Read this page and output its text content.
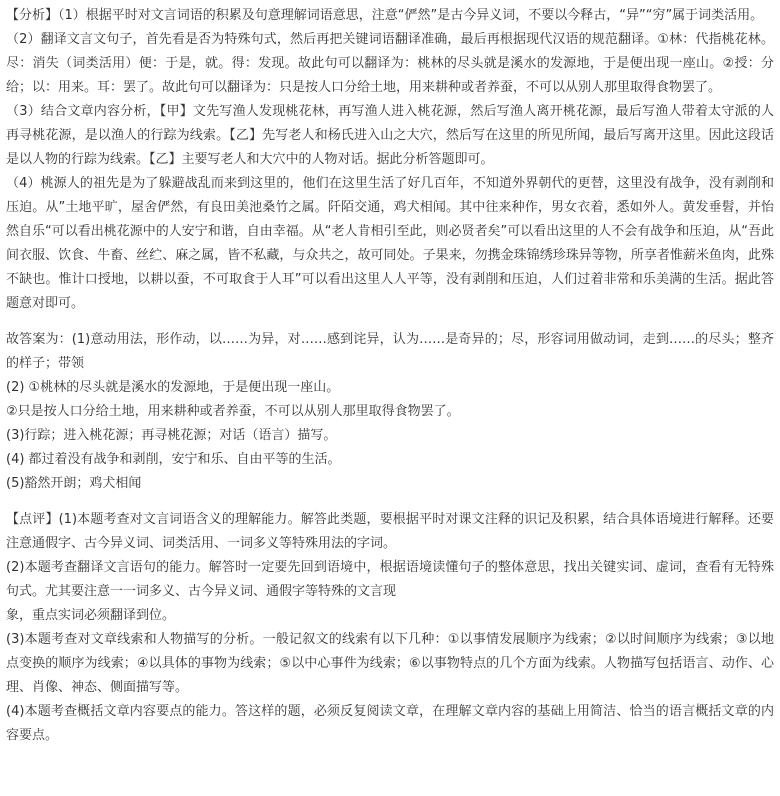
【分析】（1）根据平时对文言词语的积累及句意理解词语意思，注意“俨然”是古今异义词，不要以今释古，“异”“穷”属于词类活用。

（2）翻译文言文句子，首先看是否为特殊句式，然后再把关键词语翻译准确，最后再根据现代汉语的规范翻译。①林：代指桃花林。尽：消失（词类活用）便：于是，就。得：发现。故此句可以翻译为：桃林的尽头就是溪水的发源地，于是便出现一座山。②授：分给；以：用来。耳：罢了。故此句可以翻译为：只是按人口分给土地，用来耕种或者养蚕，不可以从别人那里取得食物罢了。

（3）结合文章内容分析，【甲】文先写渔人发现桃花林，再写渔人进入桃花源，然后写渔人离开桃花源，最后写渔人带着太守派的人再寻桃花源，是以渔人的行踪为线索。【乙】先写老人和杨氏进入山之大穴，然后写在这里的所见所闻，最后写离开这里。因此这段话是以人物的行踪为线索。【乙】主要写老人和大穴中的人物对话。据此分析答题即可。

（4）桃源人的祖先是为了躲避战乱而来到这里的，他们在这里生活了好几百年，不知道外界朝代的更替，这里没有战争，没有剥削和压迫。从”土地平旷，屋舍俨然，有良田美池桑竹之属。阡陌交通，鸡犬相闻。其中往来种作，男女衣着，悉如外人。黄发垂髫，并怡然自乐“可以看出桃花源中的人安宁和谐，自由幸福。从“老人肯相引至此，则必贤者矣”可以看出这里的人不会有战争和压迫，从“吾此间衣服、饮食、牛畜、丝纻、麻之属，皆不私藏，与众共之，故可同处。子果来，勿携金珠锦绣珍珠异等物，所享者惟薪米鱼肉，此殊不缺也。惟计口授地，以耕以蚕，不可取食于人耳”可以看出这里人人平等，没有剥削和压迫，人们过着非常和乐美满的生活。据此答题意对即可。

故答案为：(1)意动用法，形作动，以……为异，对……感到诧异，认为……是奇异的；尽，形容词用做动词，走到……的尽头；整齐的样子；带领

(2) ①桃林的尽头就是溪水的发源地，于是便出现一座山。

②只是按人口分给土地，用来耕种或者养蚕，不可以从别人那里取得食物罢了。

(3)行踪；进入桃花源；再寻桃花源；对话（语言）描写。

(4) 都过着没有战争和剥削，安宁和乐、自由平等的生活。

(5)豁然开朗；鸡犬相闻

【点评】(1)本题考查对文言词语含义的理解能力。解答此类题，要根据平时对课文注释的识记及积累，结合具体语境进行解释。还要注意通假字、古今异义词、词类活用、一词多义等特殊用法的字词。

(2)本题考查翻译文言语句的能力。解答时一定要先回到语境中，根据语境读懂句子的整体意思，找出关键实词、虚词，查看有无特殊句式。尤其要注意一一词多义、古今异义词、通假字等特殊的文言现

象，重点实词必须翻译到位。

(3)本题考查对文章线索和人物描写的分析。一般记叙文的线索有以下几种：①以事情发展顺序为线索；②以时间顺序为线索；③以地点变换的顺序为线索；④以具体的事物为线索；⑤以中心事件为线索；⑥以事物特点的几个方面为线索。人物描写包括语言、动作、心理、肖像、神态、侧面描写等。

(4)本题考查概括文章内容要点的能力。答这样的题，必须反复阅读文章，在理解文章内容的基础上用简洁、恰当的语言概括文章的内容要点。
